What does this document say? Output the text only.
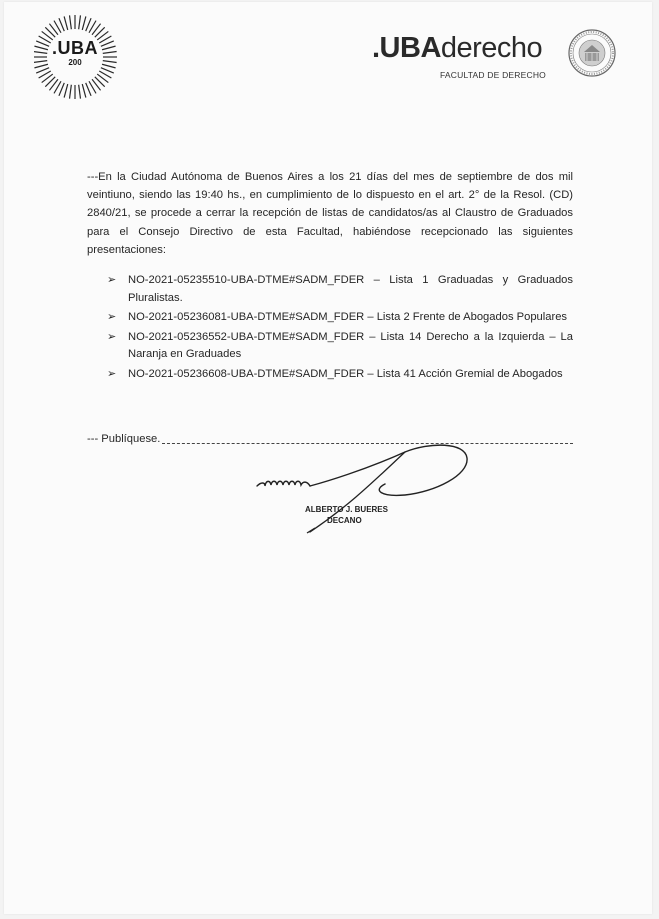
.UBA
200	.UBAderecho
FACULTAD DE DERECHO
---En la Ciudad Autónoma de Buenos Aires a los 21 días del mes de septiembre de dos mil veintiuno, siendo las 19:40 hs., en cumplimiento de lo dispuesto en el art. 2° de la Resol. (CD) 2840/21, se procede a cerrar la recepción de listas de candidatos/as al Claustro de Graduados para el Consejo Directivo de esta Facultad, habiéndose recepcionado las siguientes presentaciones:
➢ NO-2021-05235510-UBA-DTME#SADM_FDER – Lista 1 Graduadas y Graduados Pluralistas.
➢ NO-2021-05236081-UBA-DTME#SADM_FDER – Lista 2 Frente de Abogados Populares
➢ NO-2021-05236552-UBA-DTME#SADM_FDER – Lista 14 Derecho a la Izquierda – La Naranja en Graduades
➢ NO-2021-05236608-UBA-DTME#SADM_FDER – Lista 41 Acción Gremial de Abogados
--- Publíquese.
ALBERTO J. BUERES
DECANO
